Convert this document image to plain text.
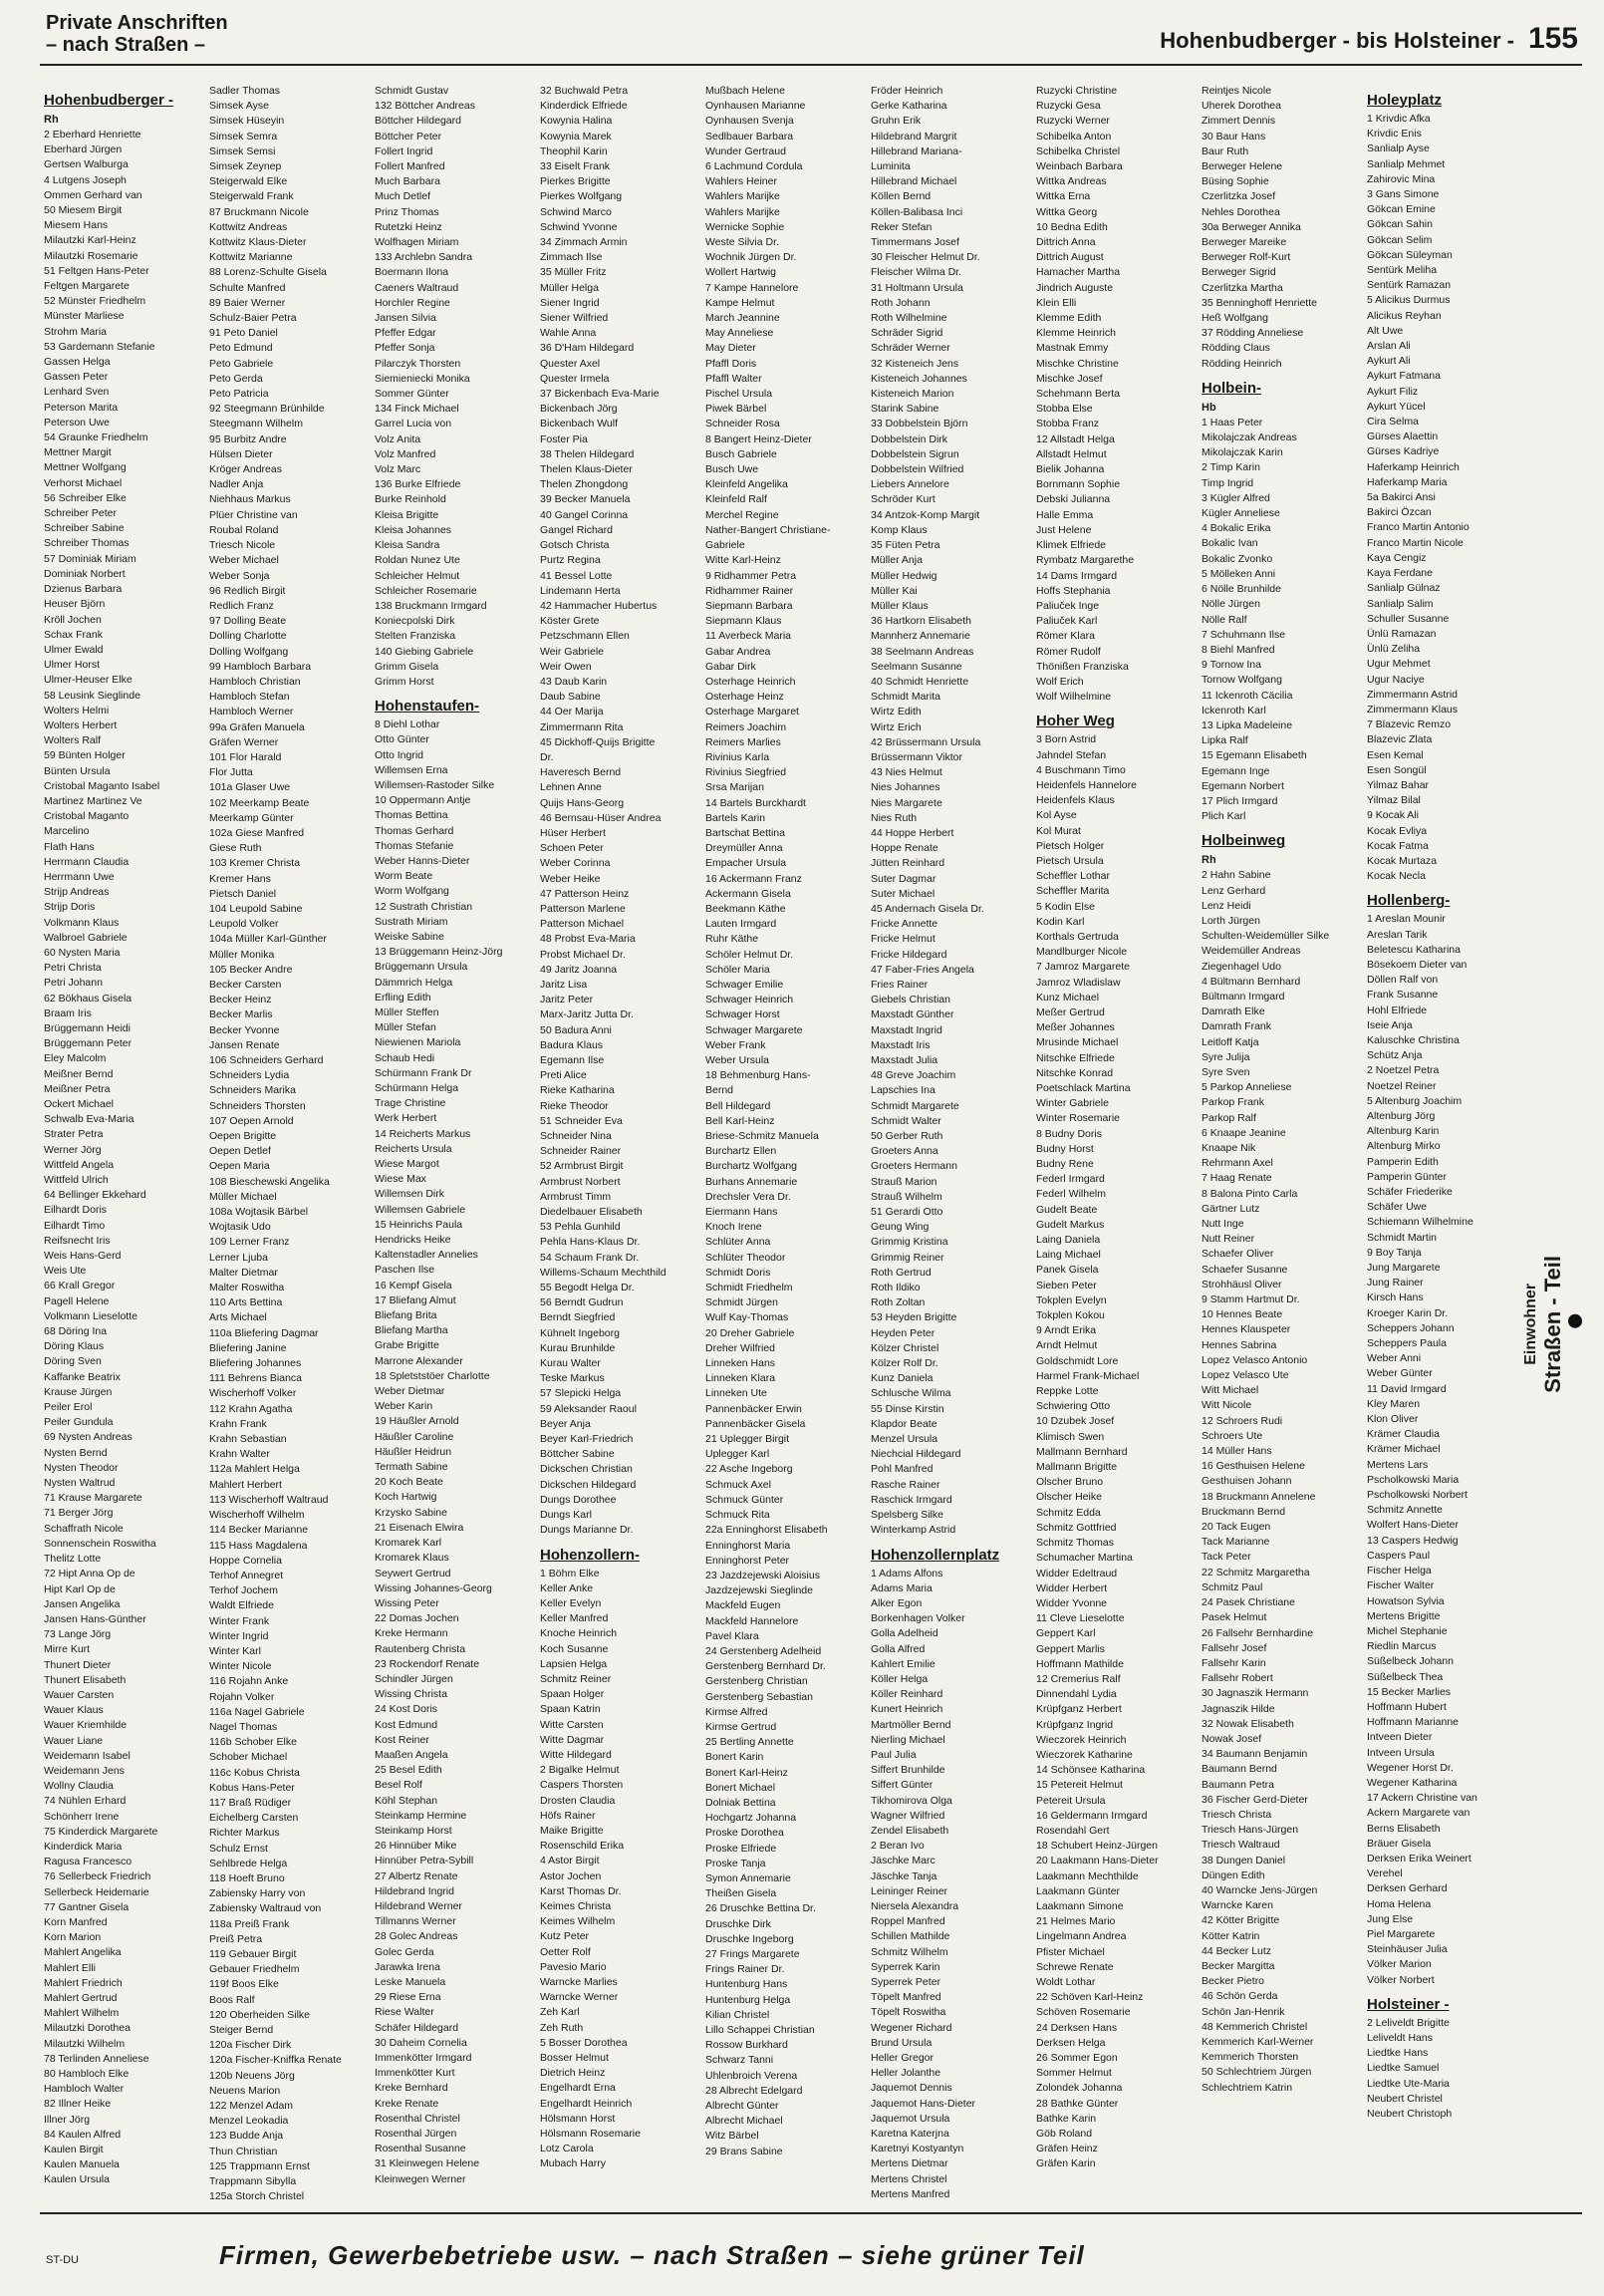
Private Anschriften
– nach Straßen –	Hohenbudberger - bis Holsteiner - 155
Hohenbudberger -
Rh
2 Eberhard Henriette
Eberhard Jürgen
Gertsen Walburga
4 Lutgens Joseph
Ommen Gerhard van
50 Miesem Birgit
Miesem Hans
Milautzki Karl-Heinz
Milautzki Rosemarie
51 Feltgen Hans-Peter
Feltgen Margarete
52 Münster Friedhelm
Münster Marliese
Strohm Maria
53 Gardemann Stefanie
Gassen Helga
Gassen Peter
Lenhard Sven
Peterson Marita
Peterson Uwe
54 Graunke Friedhelm
Mettner Margit
Mettner Wolfgang
Verhorst Michael
56 Schreiber Elke
Schreiber Peter
Schreiber Sabine
Schreiber Thomas
57 Dominiak Miriam
Dominiak Norbert
Dzienus Barbara
Heuser Björn
Kröll Jochen
Schax Frank
Ulmer Ewald
Ulmer Horst
Ulmer-Heuser Elke
58 Leusink Sieglinde
Wolters Helmi
Wolters Herbert
Wolters Ralf
59 Bünten Holger
Bünten Ursula
Cristobal Maganto Isabel
Martinez Martinez Ve
Cristobal Maganto
Marcelino
Flath Hans
Herrmann Claudia
Herrmann Uwe
Strijp Andreas
Strijp Doris
Volkmann Klaus
Walbroel Gabriele
60 Nysten Maria
Petri Christa
Petri Johann
62 Bökhaus Gisela
Braam Iris
Brüggemann Heidi
Brüggemann Peter
Eley Malcolm
Meißner Bernd
Meißner Petra
Ockert Michael
Schwalb Eva-Maria
Strater Petra
Werner Jörg
Wittfeld Angela
Wittfeld Ulrich
64 Bellinger Ekkehard
Eilhardt Doris
Eilhardt Timo
Reifsnecht Iris
Weis Hans-Gerd
Weis Ute
66 Krall Gregor
Pagell Helene
Volkmann Lieselotte
68 Döring Ina
Döring Klaus
Döring Sven
Kaffanke Beatrix
Krause Jürgen
Peiler Erol
Peiler Gundula
69 Nysten Andreas
Nysten Bernd
Nysten Theodor
Nysten Waltrud
71 Krause Margarete
71 Berger Jörg
Schaffrath Nicole
Sonnenschein Roswitha
Thelitz Lotte
72 Hipt Anna Op de
Hipt Karl Op de
Jansen Angelika
Jansen Hans-Günther
73 Lange Jörg
Mirre Kurt
Thunert Dieter
Thunert Elisabeth
Wauer Carsten
Wauer Klaus
Wauer Kriemhilde
Wauer Liane
Weidemann Isabel
Weidemann Jens
Wollny Claudia
74 Nühlen Erhard
Schönherr Irene
75 Kinderdick Margarete
Kinderdick Maria
Ragusa Francesco
76 Sellerbeck Friedrich
Sellerbeck Heidemarie
77 Gantner Gisela
Korn Manfred
Korn Marion
Mahlert Angelika
Mahlert Elli
Mahlert Friedrich
Mahlert Gertrud
Mahlert Wilhelm
Milautzki Dorothea
Milautzki Wilhelm
78 Terlinden Anneliese
80 Hambloch Elke
Hambloch Walter
82 Illner Heike
Illner Jörg
84 Kaulen Alfred
Kaulen Birgit
Kaulen Manuela
Kaulen Ursula
Sadler Thomas
Simsek Ayse
Simsek Hüseyin
Simsek Semra
Simsek Semsi
Simsek Zeynep
Steigerwald Elke
Steigerwald Frank
87 Bruckmann Nicole
Kottwitz Andreas
Kottwitz Klaus-Dieter
Kottwitz Marianne
88 Lorenz-Schulte Gisela
Schulte Manfred
89 Baier Werner
Schulz-Baier Petra
91 Peto Daniel
Peto Edmund
Peto Gabriele
Peto Gerda
Peto Patricia
92 Steegmann Brünhilde
Steegmann Wilhelm
95 Burbitz Andre
Hülsen Dieter
Kröger Andreas
Nadler Anja
Niehhaus Markus
Plüer Christine van
Roubal Roland
Triesch Nicole
Weber Michael
Weber Sonja
96 Redlich Birgit
Redlich Franz
97 Dolling Beate
Dolling Charlotte
Dolling Wolfgang
99 Hambloch Barbara
Hambloch Christian
Hambloch Stefan
Hambloch Werner
99a Gräfen Manuela
Gräfen Werner
101 Flor Harald
Flor Jutta
101a Glaser Uwe
102 Meerkamp Beate
Meerkamp Günter
102a Giese Manfred
Giese Ruth
103 Kremer Christa
Kremer Hans
Pietsch Daniel
104 Leupold Sabine
Leupold Volker
104a Müller Karl-Günther
Müller Monika
105 Becker Andre
Becker Carsten
Becker Heinz
Becker Marlis
Becker Yvonne
Jansen Renate
106 Schneiders Gerhard
Schneiders Lydia
Schneiders Marika
Schneiders Thorsten
107 Oepen Arnold
Oepen Brigitte
Oepen Detlef
Oepen Maria
108 Bieschewski Angelika
Müller Michael
108a Wojtasik Bärbel
Wojtasik Udo
109 Lerner Franz
Lerner Ljuba
Malter Dietmar
Malter Roswitha
110 Arts Bettina
Arts Michael
110a Bliefering Dagmar
Bliefering Janine
Bliefering Johannes
111 Behrens Bianca
Wischerhoff Volker
112 Krahn Agatha
Krahn Frank
Krahn Sebastian
Krahn Walter
112a Mahlert Helga
Mahlert Herbert
113 Wischerhoff Waltraud
Wischerhoff Wilhelm
114 Becker Marianne
115 Hass Magdalena
Hoppe Cornelia
Terhof Annegret
Terhof Jochem
Waldt Elfriede
Winter Frank
Winter Ingrid
Winter Karl
Winter Nicole
116 Rojahn Anke
Rojahn Volker
116a Nagel Gabriele
Nagel Thomas
116b Schober Elke
Schober Michael
116c Kobus Christa
Kobus Hans-Peter
117 Braß Rüdiger
Eichelberg Carsten
Richter Markus
Schulz Ernst
Sehlbrede Helga
118 Hoeft Bruno
Zabiensky Harry von
Zabiensky Waltraud von
118a Preiß Frank
Preiß Petra
119 Gebauer Birgit
Gebauer Friedhelm
119f Boos Elke
Boos Ralf
120 Oberheiden Silke
Steiger Bernd
120a Fischer Dirk
120a Fischer-Kniffka Renate
120b Neuens Jörg
Neuens Marion
122 Menzel Adam
Menzel Leokadia
123 Budde Anja
Thun Christian
125 Trappmann Ernst
Trappmann Sibylla
125a Storch Christel
Schmidt Gustav
132 Böttcher Andreas
Böttcher Hildegard
Böttcher Peter
Follert Ingrid
Follert Manfred
Much Barbara
Much Detlef
Prinz Thomas
Rutetzki Heinz
Wolfhagen Miriam
133 Archlebn Sandra
Boermann Ilona
Caeners Waltraud
Horchler Regine
Jansen Silvia
Pfeffer Edgar
Pfeffer Sonja
Pilarczyk Thorsten
Siemieniecki Monika
Sommer Günter
134 Finck Michael
Garrel Lucia von
Volz Anita
Volz Manfred
Volz Marc
136 Burke Elfriede
Burke Reinhold
Kleisa Brigitte
Kleisa Johannes
Kleisa Sandra
Roldan Nunez Ute
Schleicher Helmut
Schleicher Rosemarie
138 Bruckmann Irmgard
Koniecpolski Dirk
Stelten Franziska
140 Giebing Gabriele
Grimm Gisela
Grimm Horst
Hohenstaufen-
8 Diehl Lothar
Otto Günter
Otto Ingrid
Willemsen Erna
Willemsen-Rastoder Silke
10 Oppermann Antje
Thomas Bettina
Thomas Gerhard
Thomas Stefanie
Weber Hanns-Dieter
Worm Beate
Worm Wolfgang
12 Sustrath Christian
Sustrath Miriam
Weiske Sabine
13 Brüggemann Heinz-Jörg
Brüggemann Ursula
Dämmrich Helga
Erfling Edith
Müller Steffen
Müller Stefan
Niewienen Mariola
Schaub Hedi
Schürmann Frank Dr
Schürmann Helga
Trage Christine
Werk Herbert
14 Reicherts Markus
Reicherts Ursula
Wiese Margot
Wiese Max
Willemsen Dirk
Willemsen Gabriele
15 Heinrichs Paula
Hendricks Heike
Kaltenstadler Annelies
Paschen Ilse
16 Kempf Gisela
17 Bliefang Almut
Bliefang Brita
Bliefang Martha
Grabe Brigitte
Marrone Alexander
18 Spletststöer Charlotte
Weber Dietmar
Weber Karin
19 Häußler Arnold
Häußler Caroline
Häußler Heidrun
Termath Sabine
20 Koch Beate
Koch Hartwig
Krzysko Sabine
21 Eisenach Elwira
Kromarek Karl
Kromarek Klaus
Seywert Gertrud
Wissing Johannes-Georg
Wissing Peter
22 Domas Jochen
Kreke Hermann
Rautenberg Christa
23 Rockendorf Renate
Schindler Jürgen
Wissing Christa
24 Kost Doris
Kost Edmund
Kost Reiner
Maaßen Angela
25 Besel Edith
Besel Rolf
Köhl Stephan
Steinkamp Hermine
Steinkamp Horst
26 Hinnüber Mike
Hinnüber Petra-Sybill
27 Albertz Renate
Hildebrand Ingrid
Hildebrand Werner
Tillmanns Werner
28 Golec Andreas
Golec Gerda
Jarawka Irena
Leske Manuela
29 Riese Erna
Riese Walter
Schäfer Hildegard
30 Daheim Cornelia
Immenkötter Irmgard
Immenkötter Kurt
Kreke Bernhard
Kreke Renate
Rosenthal Christel
Rosenthal Jürgen
Rosenthal Susanne
31 Kleinwegen Helene
Kleinwegen Werner
32 Buchwald Petra
Kinderdick Elfriede
Kowynia Halina
Kowynia Marek
Theophil Karin
33 Eiselt Frank
Pierkes Brigitte
Pierkes Wolfgang
Schwind Marco
Schwind Yvonne
34 Zimmach Armin
Zimmach Ilse
35 Müller Fritz
Müller Helga
Siener Ingrid
Siener Wilfried
Wahle Anna
36 D'Ham Hildegard
Quester Axel
Quester Irmela
37 Bickenbach Eva-Marie
Bickenbach Jörg
Bickenbach Wulf
Foster Pia
38 Thelen Hildegard
Thelen Klaus-Dieter
Thelen Zhongdong
39 Becker Manuela
40 Gangel Corinna
Gangel Richard
Gotsch Christa
Purtz Regina
41 Bessel Lotte
Lindemann Herta
42 Hammacher Hubertus
Köster Grete
Petzschmann Ellen
Weir Gabriele
Weir Owen
43 Daub Karin
Daub Sabine
44 Oer Marija
Zimmermann Rita
45 Dickhoff-Quijs Brigitte
Dr.
Haveresch Bernd
Lehnen Anne
Quijs Hans-Georg
46 Bernsau-Hüser Andrea
Hüser Herbert
Schoen Peter
Weber Corinna
Weber Heike
47 Patterson Heinz
Patterson Marlene
Patterson Michael
48 Probst Eva-Maria
Probst Michael Dr.
49 Jaritz Joanna
Jaritz Lisa
Jaritz Peter
Marx-Jaritz Jutta Dr.
50 Badura Anni
Badura Klaus
Egemann Ilse
Preti Alice
Rieke Katharina
Rieke Theodor
51 Schneider Eva
Schneider Nina
Schneider Rainer
52 Armbrust Birgit
Armbrust Norbert
Armbrust Timm
Diedelbauer Elisabeth
53 Pehla Gunhild
Pehla Hans-Klaus Dr.
54 Schaum Frank Dr.
Willems-Schaum Mechthild
55 Begodt Helga Dr.
56 Berndt Gudrun
Berndt Siegfried
Kühnelt Ingeborg
Kurau Brunhilde
Kurau Walter
Teske Markus
57 Slepicki Helga
59 Aleksander Raoul
Beyer Anja
Beyer Karl-Friedrich
Böttcher Sabine
Dickschen Christian
Dickschen Hildegard
Dungs Dorothee
Dungs Karl
Dungs Marianne Dr.
Hohenzollern-
1 Böhm Elke
Keller Anke
Keller Evelyn
Keller Manfred
Knoche Heinrich
Koch Susanne
Lapsien Helga
Schmitz Reiner
Spaan Holger
Spaan Katrin
Witte Carsten
Witte Dagmar
Witte Hildegard
2 Bigalke Helmut
Caspers Thorsten
Drosten Claudia
Höfs Rainer
Maike Brigitte
Rosenschild Erika
4 Astor Birgit
Astor Jochen
Karst Thomas Dr.
Keimes Christa
Keimes Wilhelm
Kutz Peter
Oetter Rolf
Pavesio Mario
Warncke Marlies
Warncke Werner
Zeh Karl
Zeh Ruth
5 Bosser Dorothea
Bosser Helmut
Dietrich Heinz
Engelhardt Erna
Engelhardt Heinrich
Hölsmann Horst
Hölsmann Rosemarie
Lotz Carola
Mubach Harry
Mußbach Helene
Oynhausen Marianne
Oynhausen Svenja
Sedlbauer Barbara
Wunder Gertraud
6 Lachmund Cordula
Wahlers Heiner
Wahlers Marijke
Wahlers Marijke
Wernicke Sophie
Weste Silvia Dr.
Wochnik Jürgen Dr.
Wollert Hartwig
7 Kampe Hannelore
Kampe Helmut
March Jeannine
May Anneliese
May Dieter
Pfaffl Doris
Pfaffl Walter
Pischel Ursula
Piwek Bärbel
Schneider Rosa
8 Bangert Heinz-Dieter
Busch Gabriele
Busch Uwe
Kleinfeld Angelika
Kleinfeld Ralf
Merchel Regine
Nather-Bangert Christiane-
Gabriele
Witte Karl-Heinz
9 Ridhammer Petra
Ridhammer Rainer
Siepmann Barbara
Siepmann Klaus
11 Averbeck Maria
Gabar Andrea
Gabar Dirk
Osterhage Heinrich
Osterhage Heinz
Osterhage Margaret
Reimers Joachim
Reimers Marlies
Rivinius Karla
Rivinius Siegfried
Srsa Marijan
14 Bartels Burckhardt
Bartels Karin
Bartschat Bettina
Dreymüller Anna
Empacher Ursula
16 Ackermann Franz
Ackermann Gisela
Beekmann Käthe
Lauten Irmgard
Ruhr Käthe
Schöler Helmut Dr.
Schöler Maria
Schwager Emilie
Schwager Heinrich
Schwager Horst
Schwager Margarete
Weber Frank
Weber Ursula
18 Behmenburg Hans-
Bernd
Bell Hildegard
Bell Karl-Heinz
Briese-Schmitz Manuela
Burchartz Ellen
Burchartz Wolfgang
Burhans Annemarie
Drechsler Vera Dr.
Eiermann Hans
Knoch Irene
Schlüter Anna
Schlüter Theodor
Schmidt Doris
Schmidt Friedhelm
Schmidt Jürgen
Wulf Kay-Thomas
20 Dreher Gabriele
Dreher Wilfried
Linneken Hans
Linneken Klara
Linneken Ute
Pannenbäcker Erwin
Pannenbäcker Gisela
21 Uplegger Birgit
Uplegger Karl
22 Asche Ingeborg
Schmuck Axel
Schmuck Günter
Schmuck Rita
22a Enninghorst Elisabeth
Enninghorst Maria
Enninghorst Peter
23 Jazdzejewski Aloisius
Jazdzejewski Sieglinde
Mackfeld Eugen
Mackfeld Hannelore
Pavel Klara
24 Gerstenberg Adelheid
Gerstenberg Bernhard Dr.
Gerstenberg Christian
Gerstenberg Sebastian
Kirmse Alfred
Kirmse Gertrud
25 Bertling Annette
Bonert Karin
Bonert Karl-Heinz
Bonert Michael
Dolniak Bettina
Hochgartz Johanna
Proske Dorothea
Proske Elfriede
Proske Tanja
Symon Annemarie
Theißen Gisela
26 Druschke Bettina Dr.
Druschke Dirk
Druschke Ingeborg
27 Frings Margarete
Frings Rainer Dr.
Huntenburg Hans
Huntenburg Helga
Kilian Christel
Lillo Schappei Christian
Rossow Burkhard
Schwarz Tanni
Uhlenbroich Verena
28 Albrecht Edelgard
Albrecht Günter
Albrecht Michael
Witz Bärbel
29 Brans Sabine
Fröder Heinrich
Gerke Katharina
Gruhn Erik
Hildebrand Margrit
Hillebrand Mariana-
Luminita
Hillebrand Michael
Köllen Bernd
Köllen-Balibasa Inci
Reker Stefan
Timmermans Josef
30 Fleischer Helmut Dr.
Fleischer Wilma Dr.
31 Holtmann Ursula
Roth Johann
Roth Wilhelmine
Schräder Sigrid
Schräder Werner
32 Kisteneich Jens
Kisteneich Johannes
Kisteneich Marion
Starink Sabine
33 Dobbelstein Björn
Dobbelstein Dirk
Dobbelstein Sigrun
Dobbelstein Wilfried
Liebers Annelore
Schröder Kurt
34 Antzok-Komp Margit
Komp Klaus
35 Füten Petra
Müller Anja
Müller Hedwig
Müller Kai
Müller Klaus
36 Hartkorn Elisabeth
Mannherz Annemarie
38 Seelmann Andreas
Seelmann Susanne
40 Schmidt Henriette
Schmidt Marita
Wirtz Edith
Wirtz Erich
42 Brüssermann Ursula
Brüssermann Viktor
43 Nies Helmut
Nies Johannes
Nies Margarete
Nies Ruth
44 Hoppe Herbert
Hoppe Renate
Jütten Reinhard
Suter Dagmar
Suter Michael
45 Andernach Gisela Dr.
Fricke Annette
Fricke Helmut
Fricke Hildegard
47 Faber-Fries Angela
Fries Rainer
Giebels Christian
Maxstadt Günther
Maxstadt Ingrid
Maxstadt Iris
Maxstadt Julia
48 Greve Joachim
Lapschies Ina
Schmidt Margarete
Schmidt Walter
50 Gerber Ruth
Groeters Anna
Groeters Hermann
Strauß Marion
Strauß Wilhelm
51 Gerardi Otto
Geung Wing
Grimmig Kristina
Grimmig Reiner
Roth Gertrud
Roth Ildiko
Roth Zoltan
53 Heyden Brigitte
Heyden Peter
Kölzer Christel
Kölzer Rolf Dr.
Kunz Daniela
Schlusche Wilma
55 Dinse Kirstin
Klapdor Beate
Menzel Ursula
Niechcial Hildegard
Pohl Manfred
Rasche Rainer
Raschick Irmgard
Spelsberg Silke
Winterkamp Astrid
Hohenzollernplatz
1 Adams Alfons
Adams Maria
Alker Egon
Borkenhagen Volker
Golla Adelheid
Golla Alfred
Kahlert Emilie
Köller Helga
Köller Reinhard
Kunert Heinrich
Martmöller Bernd
Nierling Michael
Paul Julia
Siffert Brunhilde
Siffert Günter
Tikhomirova Olga
Wagner Wilfried
Zendel Elisabeth
2 Beran Ivo
Jäschke Marc
Jäschke Tanja
Leininger Reiner
Niersela Alexandra
Roppel Manfred
Schillen Mathilde
Schmitz Wilhelm
Syperrek Karin
Syperrek Peter
Töpelt Manfred
Töpelt Roswitha
Wegener Richard
Brund Ursula
Heller Gregor
Heller Jolanthe
Jaquemot Dennis
Jaquemot Hans-Dieter
Jaquemot Ursula
Karetna Katerjna
Karetnyi Kostyantyn
Mertens Dietmar
Mertens Christel
Mertens Manfred
Ruzycki Christine
Ruzycki Gesa
Ruzycki Werner
Schibelka Anton
Schibelka Christel
Weinbach Barbara
Wittka Andreas
Wittka Erna
Wittka Georg
10 Bedna Edith
Dittrich Anna
Dittrich August
Hamacher Martha
Jindrich Auguste
Klein Elli
Klemme Edith
Klemme Heinrich
Mastnak Emmy
Mischke Christine
Mischke Josef
Schehmann Berta
Stobba Else
Stobba Franz
12 Allstadt Helga
Allstadt Helmut
Bielik Johanna
Bornmann Sophie
Debski Julianna
Halle Emma
Just Helene
Klimek Elfriede
Rymbatz Margarethe
14 Dams Irmgard
Hoffs Stephania
Paliuček Inge
Paliuček Karl
Römer Klara
Römer Rudolf
Thönißen Franziska
Wolf Erich
Wolf Wilhelmine
Hoher Weg
3 Born Astrid
Jahndel Stefan
4 Buschmann Timo
Heidenfels Hannelore
Heidenfels Klaus
Kol Ayse
Kol Murat
Pietsch Holger
Pietsch Ursula
Scheffler Lothar
Scheffler Marita
5 Kodin Else
Kodin Karl
Korthals Gertruda
Mandlburger Nicole
7 Jamroz Margarete
Jamroz Wladislaw
Kunz Michael
Meßer Gertrud
Meßer Johannes
Mrusinde Michael
Nitschke Elfriede
Nitschke Konrad
Poetschlack Martina
Winter Gabriele
Winter Rosemarie
8 Budny Doris
Budny Horst
Budny Rene
Federl Irmgard
Federl Wilhelm
Gudelt Beate
Gudelt Markus
Laing Daniela
Laing Michael
Panek Gisela
Sieben Peter
Tokplen Evelyn
Tokplen Kokou
9 Arndt Erika
Arndt Helmut
Goldschmidt Lore
Harmel Frank-Michael
Reppke Lotte
Schwiering Otto
10 Dzubek Josef
Klimisch Swen
Mallmann Bernhard
Mallmann Brigitte
Olscher Bruno
Olscher Heike
Schmitz Edda
Schmitz Gottfried
Schmitz Thomas
Schumacher Martina
Widder Edeltraud
Widder Herbert
Widder Yvonne
11 Cleve Lieselotte
Geppert Karl
Geppert Marlis
Hoffmann Mathilde
12 Cremerius Ralf
Dinnendahl Lydia
Krüpfganz Herbert
Krüpfganz Ingrid
Wieczorek Heinrich
Wieczorek Katharine
14 Schönsee Katharina
15 Petereit Helmut
Petereit Ursula
16 Geldermann Irmgard
Rosendahl Gert
18 Schubert Heinz-Jürgen
20 Laakmann Hans-Dieter
Laakmann Mechthilde
Laakmann Günter
Laakmann Simone
21 Helmes Mario
Lingelmann Andrea
Pfister Michael
Schrewe Renate
Woldt Lothar
22 Schöven Karl-Heinz
Schöven Rosemarie
24 Derksen Hans
Derksen Helga
26 Sommer Egon
Sommer Helmut
Zolondek Johanna
28 Bathke Günter
Bathke Karin
Göb Roland
Gräfen Heinz
Gräfen Karin
Reintjes Nicole
Uherek Dorothea
Zimmert Dennis
30 Baur Hans
Baur Ruth
Berweger Helene
Büsing Sophie
Czerlitzka Josef
Nehles Dorothea
30a Berweger Annika
Berweger Mareike
Berweger Rolf-Kurt
Berweger Sigrid
Czerlitzka Martha
35 Benninghoff Henriette
Heß Wolfgang
37 Rödding Anneliese
Rödding Claus
Rödding Heinrich
Holbein-
Hb
1 Haas Peter
Mikolajczak Andreas
Mikolajczak Karin
2 Timp Karin
Timp Ingrid
3 Kügler Alfred
Kügler Anneliese
4 Bokalic Erika
Bokalic Ivan
Bokalic Zvonko
5 Mölleken Anni
6 Nölle Brunhilde
Nölle Jürgen
Nölle Ralf
7 Schuhmann Ilse
8 Biehl Manfred
9 Tornow Ina
Tornow Wolfgang
11 Ickenroth Cäcilia
Ickenroth Karl
13 Lipka Madeleine
Lipka Ralf
15 Egemann Elisabeth
Egemann Inge
Egemann Norbert
17 Plich Irmgard
Plich Karl
Holbeinweg
Rh
2 Hahn Sabine
Lenz Gerhard
Lenz Heidi
Lorth Jürgen
Schulten-Weidemüller Silke
Weidemüller Andreas
Ziegenhagel Udo
4 Bültmann Bernhard
Bültmann Irmgard
Damrath Elke
Damrath Frank
Leitloff Katja
Syre Julija
Syre Sven
5 Parkop Anneliese
Parkop Frank
Parkop Ralf
6 Knaape Jeanine
Knaape Nik
Rehrmann Axel
7 Haag Renate
8 Balona Pinto Carla
Gärtner Lutz
Nutt Inge
Nutt Reiner
Schaefer Oliver
Schaefer Susanne
Strohhäusl Oliver
9 Stamm Hartmut Dr.
10 Hennes Beate
Hennes Klauspeter
Hennes Sabrina
Lopez Velasco Antonio
Lopez Velasco Ute
Witt Michael
Witt Nicole
12 Schroers Rudi
Schroers Ute
14 Müller Hans
16 Gesthuisen Helene
Gesthuisen Johann
18 Bruckmann Annelene
Bruckmann Bernd
20 Tack Eugen
Tack Marianne
Tack Peter
22 Schmitz Margaretha
Schmitz Paul
24 Pasek Christiane
Pasek Helmut
26 Fallsehr Bernhardine
Fallsehr Josef
Fallsehr Karin
Fallsehr Robert
30 Jagnaszik Hermann
Jagnaszik Hilde
32 Nowak Elisabeth
Nowak Josef
34 Baumann Benjamin
Baumann Bernd
Baumann Petra
36 Fischer Gerd-Dieter
Triesch Christa
Triesch Hans-Jürgen
Triesch Waltraud
38 Dungen Daniel
Düngen Edith
40 Warncke Jens-Jürgen
Warncke Karen
42 Kötter Brigitte
Kötter Katrin
44 Becker Lutz
Becker Margitta
Becker Pietro
46 Schön Gerda
Schön Jan-Henrik
48 Kemmerich Christel
Kemmerich Karl-Werner
Kemmerich Thorsten
50 Schlechtriem Jürgen
Schlechtriem Katrin
Holeyplatz
1 Krivdic Afka
Krivdic Enis
Sanlialp Ayse
Sanlialp Mehmet
Zahirovic Mina
3 Gans Simone
Gökcan Emine
Gökcan Sahin
Gökcan Selim
Gökcan Süleyman
Sentürk Meliha
Sentürk Ramazan
5 Alicikus Durmus
Alicikus Reyhan
Alt Uwe
Arslan Ali
Aykurt Ali
Aykurt Fatmana
Aykurt Filiz
Aykurt Yücel
Cira Selma
Gürses Alaettin
Gürses Kadriye
Haferkamp Heinrich
Haferkamp Maria
5a Bakirci Ansi
Bakirci Özcan
Franco Martin Antonio
Franco Martin Nicole
Kaya Cengiz
Kaya Ferdane
Sanlialp Gülnaz
Sanlialp Salim
Schuller Susanne
Ünlü Ramazan
Ünlü Zeliha
Ugur Mehmet
Ugur Naciye
Zimmermann Astrid
Zimmermann Klaus
7 Blazevic Remzo
Blazevic Zlata
Esen Kemal
Esen Songül
Yilmaz Bahar
Yilmaz Bilal
9 Kocak Ali
Kocak Evliya
Kocak Fatma
Kocak Murtaza
Kocak Necla
Hollenberg-
1 Areslan Mounir
Areslan Tarik
Beletescu Katharina
Bösekoem Dieter van
Döllen Ralf von
Frank Susanne
Hohl Elfriede
Iseie Anja
Kaluschke Christina
Schütz Anja
2 Noetzel Petra
Noetzel Reiner
5 Altenburg Joachim
Altenburg Jörg
Altenburg Karin
Altenburg Mirko
Pamperin Edith
Pamperin Günter
Schäfer Friederike
Schäfer Uwe
Schiemann Wilhelmine
Schmidt Martin
9 Boy Tanja
Jung Margarete
Jung Rainer
Kirsch Hans
Kroeger Karin Dr.
Scheppers Johann
Scheppers Paula
Weber Anni
Weber Günter
11 David Irmgard
Kley Maren
Klon Oliver
Krämer Claudia
Krämer Michael
Mertens Lars
Pscholkowski Maria
Pscholkowski Norbert
Schmitz Annette
Wolfert Hans-Dieter
13 Caspers Hedwig
Caspers Paul
Fischer Helga
Fischer Walter
Howatson Sylvia
Mertens Brigitte
Michel Stephanie
Riedlin Marcus
Süßelbeck Johann
Süßelbeck Thea
15 Becker Marlies
Hoffmann Hubert
Hoffmann Marianne
Intveen Dieter
Intveen Ursula
Wegener Horst Dr.
Wegener Katharina
17 Ackern Christine van
Ackern Margarete van
Berns Elisabeth
Bräuer Gisela
Derksen Erika Weinert
Verehel
Derksen Gerhard
Homa Helena
Jung Else
Piel Margarete
Steinhäuser Julia
Völker Marion
Völker Norbert
Holsteiner -
2 Leliveldt Brigitte
Leliveldt Hans
Liedtke Hans
Liedtke Samuel
Liedtke Ute-Maria
Neubert Christel
Neubert Christoph
Einwohner Straßen - Teil
ST-DU	Firmen, Gewerbebetriebe usw. – nach Straßen – siehe grüner Teil
